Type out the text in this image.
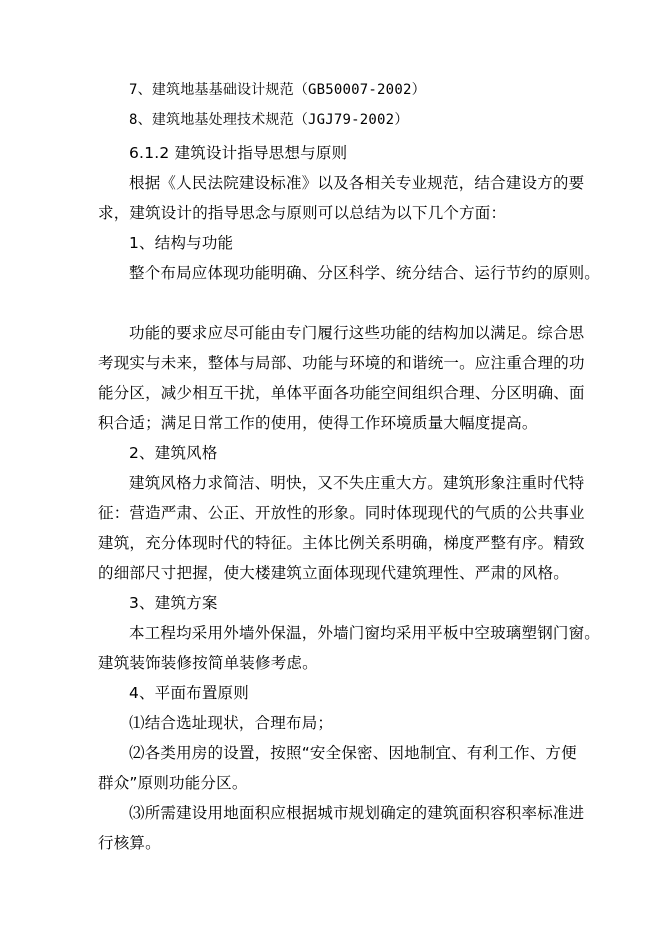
7、建筑地基基础设计规范（GB50007-2002）
8、建筑地基处理技术规范（JGJ79-2002）
6.1.2 建筑设计指导思想与原则
根据《人民法院建设标准》以及各相关专业规范，结合建设方的要
求，建筑设计的指导思念与原则可以总结为以下几个方面：
1、结构与功能
整个布局应体现功能明确、分区科学、统分结合、运行节约的原则。
功能的要求应尽可能由专门履行这些功能的结构加以满足。综合思
考现实与未来，整体与局部、功能与环境的和谐统一。应注重合理的功
能分区，减少相互干扰，单体平面各功能空间组织合理、分区明确、面
积合适；满足日常工作的使用，使得工作环境质量大幅度提高。
2、建筑风格
建筑风格力求简洁、明快，又不失庄重大方。建筑形象注重时代特
征：营造严肃、公正、开放性的形象。同时体现现代的气质的公共事业
建筑，充分体现时代的特征。主体比例关系明确，梯度严整有序。精致
的细部尺寸把握，使大楼建筑立面体现现代建筑理性、严肃的风格。
3、建筑方案
本工程均采用外墙外保温，外墙门窗均采用平板中空玻璃塑钢门窗。
建筑装饰装修按简单装修考虑。
4、平面布置原则
⑴结合选址现状，合理布局；
⑵各类用房的设置，按照“安全保密、因地制宜、有利工作、方便
群众”原则功能分区。
⑶所需建设用地面积应根据城市规划确定的建筑面积容积率标准进
行核算。
